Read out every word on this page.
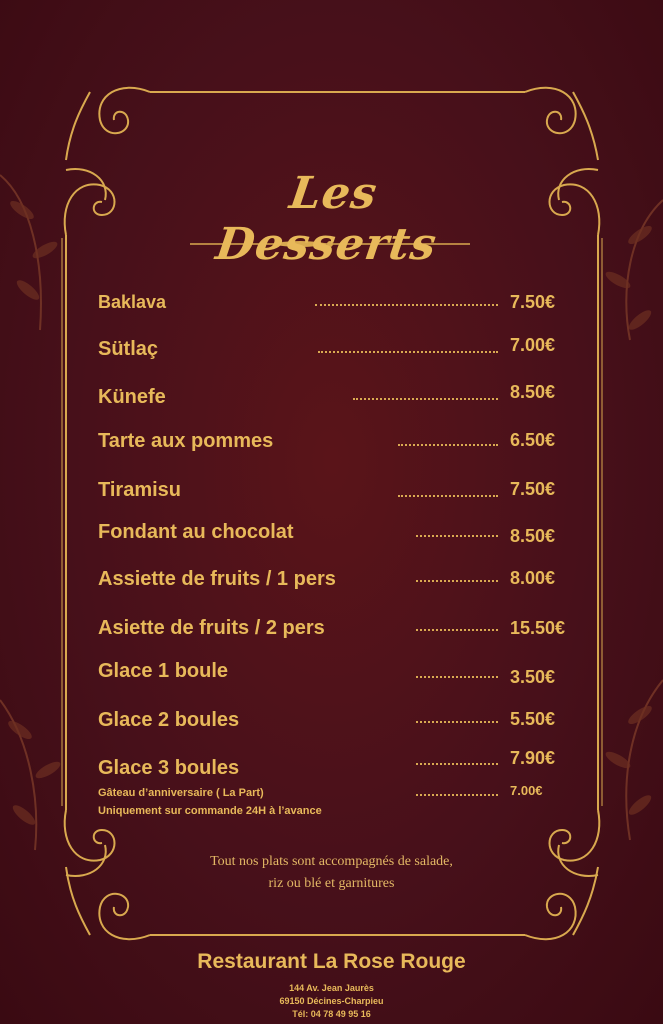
Les Desserts
Baklava	7.50€
Sütlaç	7.00€
Künefe	8.50€
Tarte aux pommes	6.50€
Tiramisu	7.50€
Fondant au chocolat	8.50€
Assiette de fruits / 1 pers	8.00€
Asiette de fruits / 2 pers	15.50€
Glace 1 boule	3.50€
Glace 2 boules	5.50€
Glace 3 boules	7.90€
Gâteau d’anniversaire ( La Part)	7.00€
Uniquement sur commande 24H à l’avance
Tout nos plats sont accompagnés de salade,
riz ou blé et garnitures
Restaurant La Rose Rouge
144 Av. Jean Jaurès
69150 Décines-Charpieu
Tél: 04 78 49 95 16
